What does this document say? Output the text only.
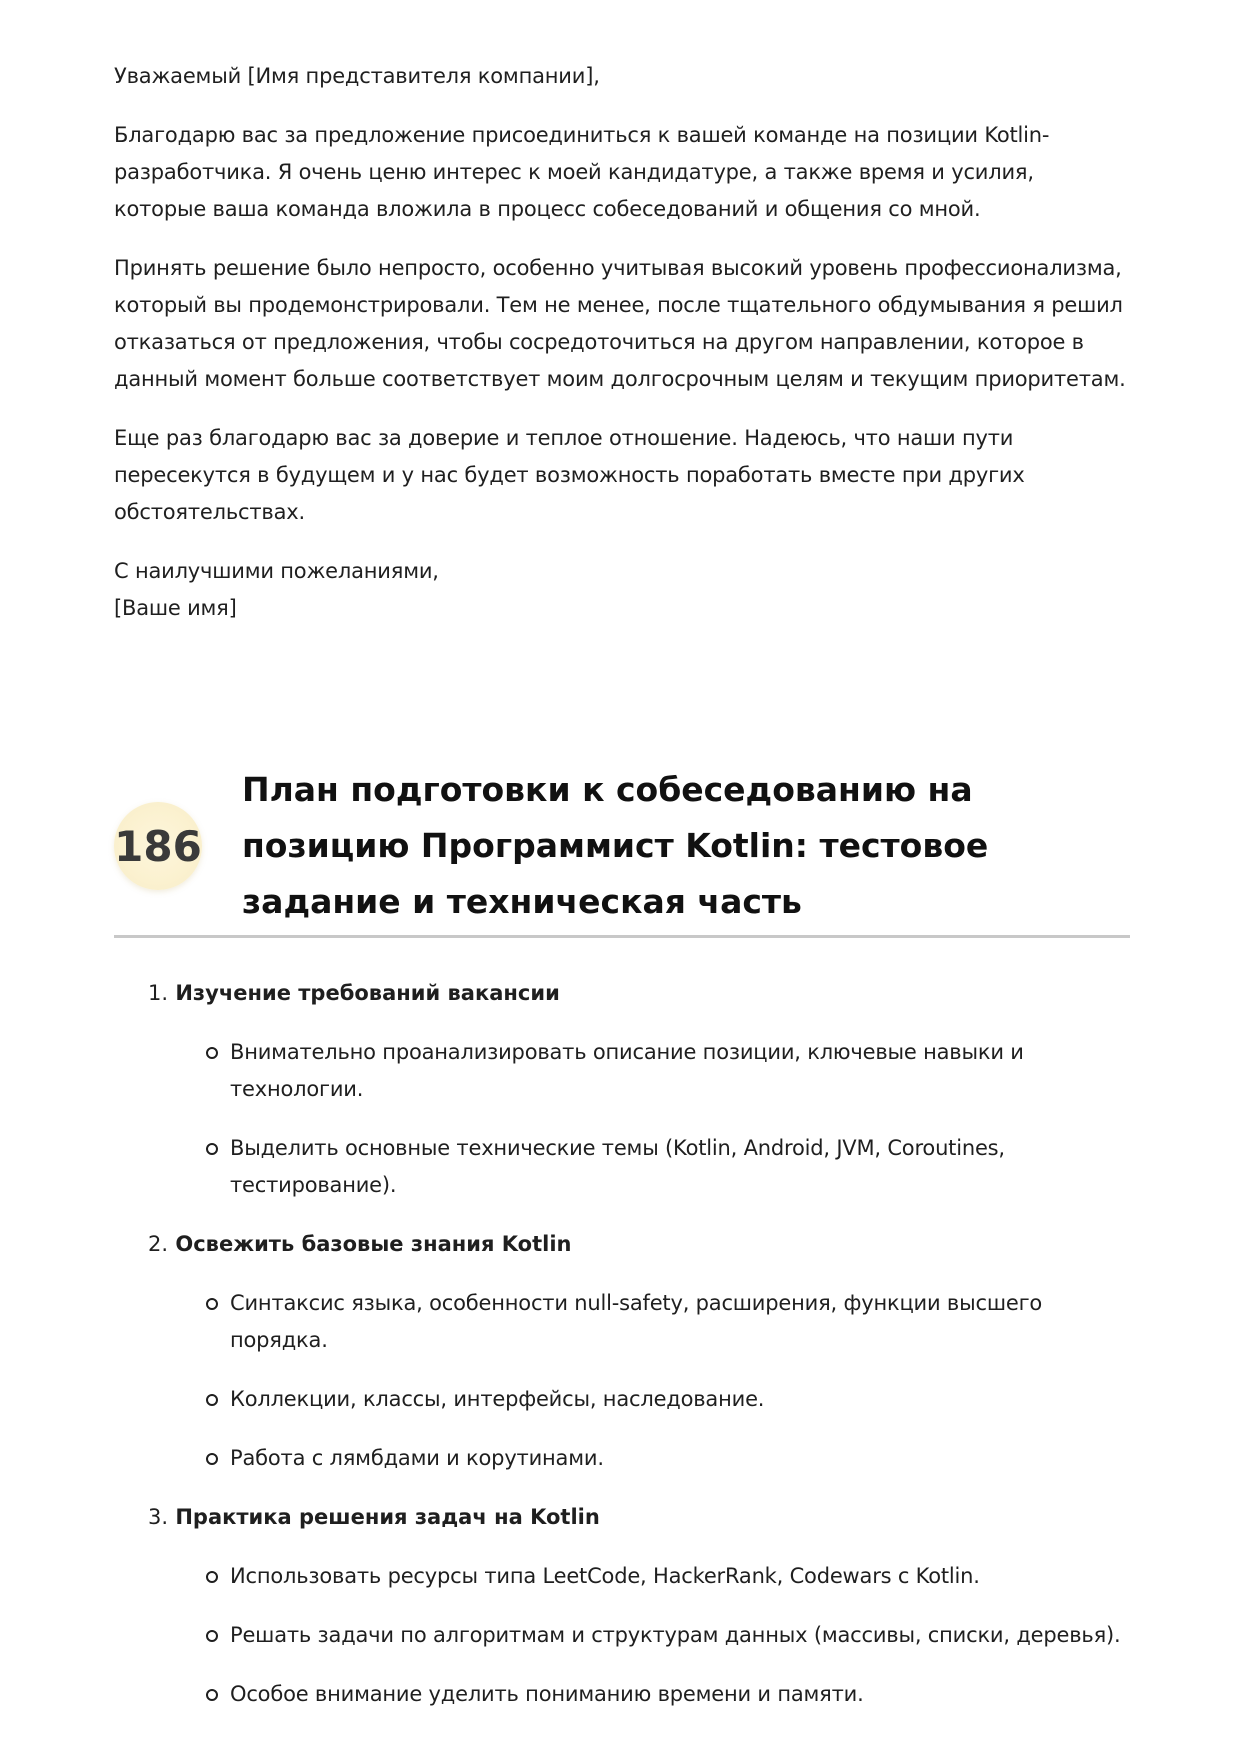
Уважаемый [Имя представителя компании],

Благодарю вас за предложение присоединиться к вашей команде на позиции Kotlin-разработчика. Я очень ценю интерес к моей кандидатуре, а также время и усилия, которые ваша команда вложила в процесс собеседований и общения со мной.

Принять решение было непросто, особенно учитывая высокий уровень профессионализма, который вы продемонстрировали. Тем не менее, после тщательного обдумывания я решил отказаться от предложения, чтобы сосредоточиться на другом направлении, которое в данный момент больше соответствует моим долгосрочным целям и текущим приоритетам.

Еще раз благодарю вас за доверие и теплое отношение. Надеюсь, что наши пути пересекутся в будущем и у нас будет возможность поработать вместе при других обстоятельствах.

С наилучшими пожеланиями,
[Ваше имя]

186
План подготовки к собеседованию на позицию Программист Kotlin: тестовое задание и техническая часть

1. Изучение требований вакансии

Внимательно проанализировать описание позиции, ключевые навыки и технологии.

Выделить основные технические темы (Kotlin, Android, JVM, Coroutines, тестирование).

2. Освежить базовые знания Kotlin

Синтаксис языка, особенности null-safety, расширения, функции высшего порядка.

Коллекции, классы, интерфейсы, наследование.

Работа с лямбдами и корутинами.

3. Практика решения задач на Kotlin

Использовать ресурсы типа LeetCode, HackerRank, Codewars с Kotlin.

Решать задачи по алгоритмам и структурам данных (массивы, списки, деревья).

Особое внимание уделить пониманию времени и памяти.
